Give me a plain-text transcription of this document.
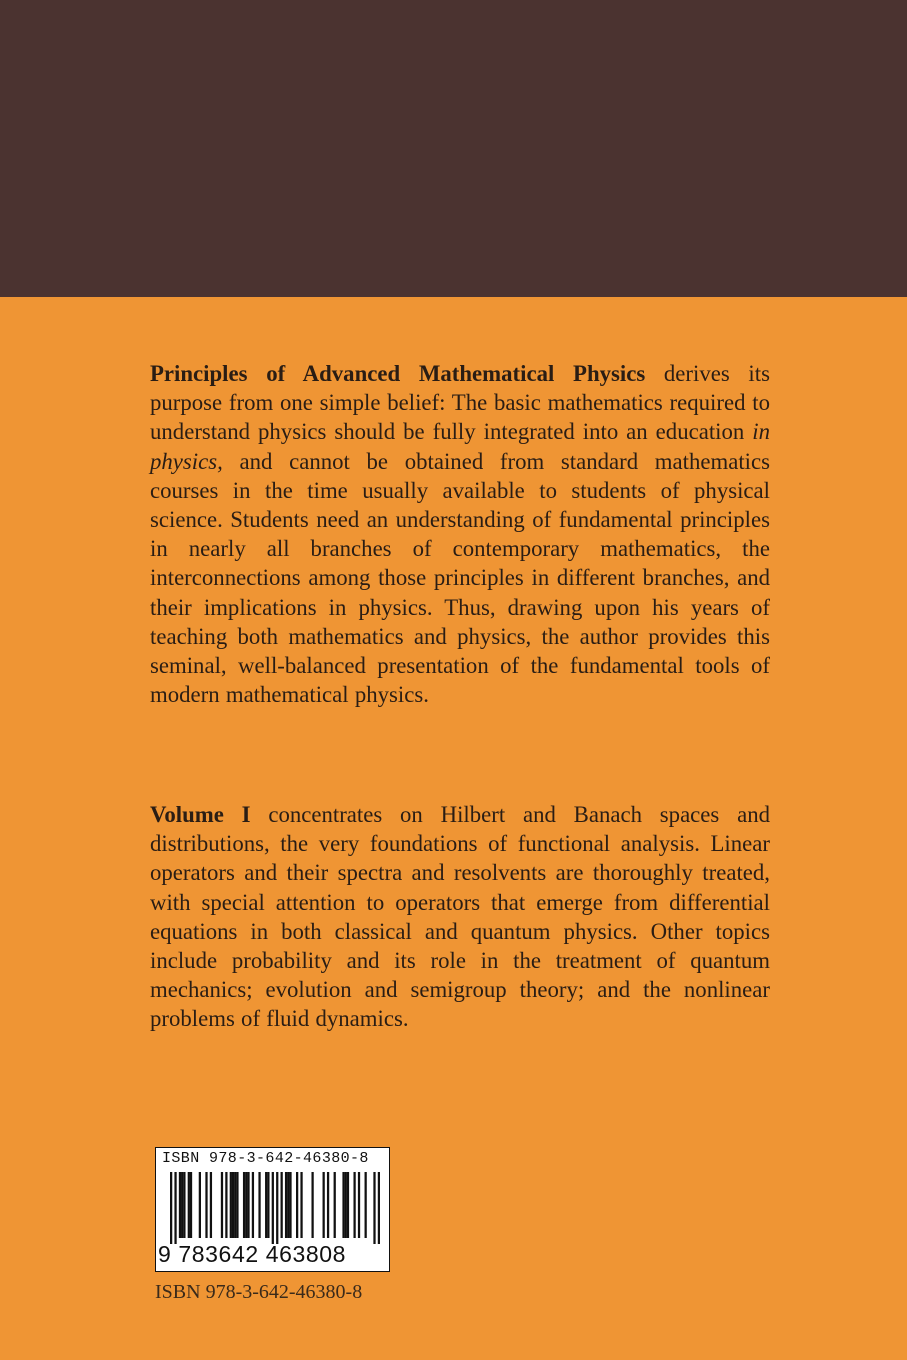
Principles of Advanced Mathematical Physics derives its purpose from one simple belief: The basic mathematics required to understand physics should be fully integrated into an education in physics, and cannot be obtained from standard mathematics courses in the time usually available to students of physical science. Students need an understanding of fundamental principles in nearly all branches of contemporary mathematics, the interconnections among those principles in different branches, and their implications in physics. Thus, drawing upon his years of teaching both mathematics and physics, the author provides this seminal, well-balanced presentation of the fundamental tools of modern mathematical physics.
Volume I concentrates on Hilbert and Banach spaces and distributions, the very foundations of functional analysis. Linear operators and their spectra and resolvents are thoroughly treated, with special attention to operators that emerge from differential equations in both classical and quantum physics. Other topics include probability and its role in the treatment of quantum mechanics; evolution and semigroup theory; and the nonlinear problems of fluid dynamics.
ISBN 978-3-642-46380-8
9 783642 463808
ISBN 978-3-642-46380-8
